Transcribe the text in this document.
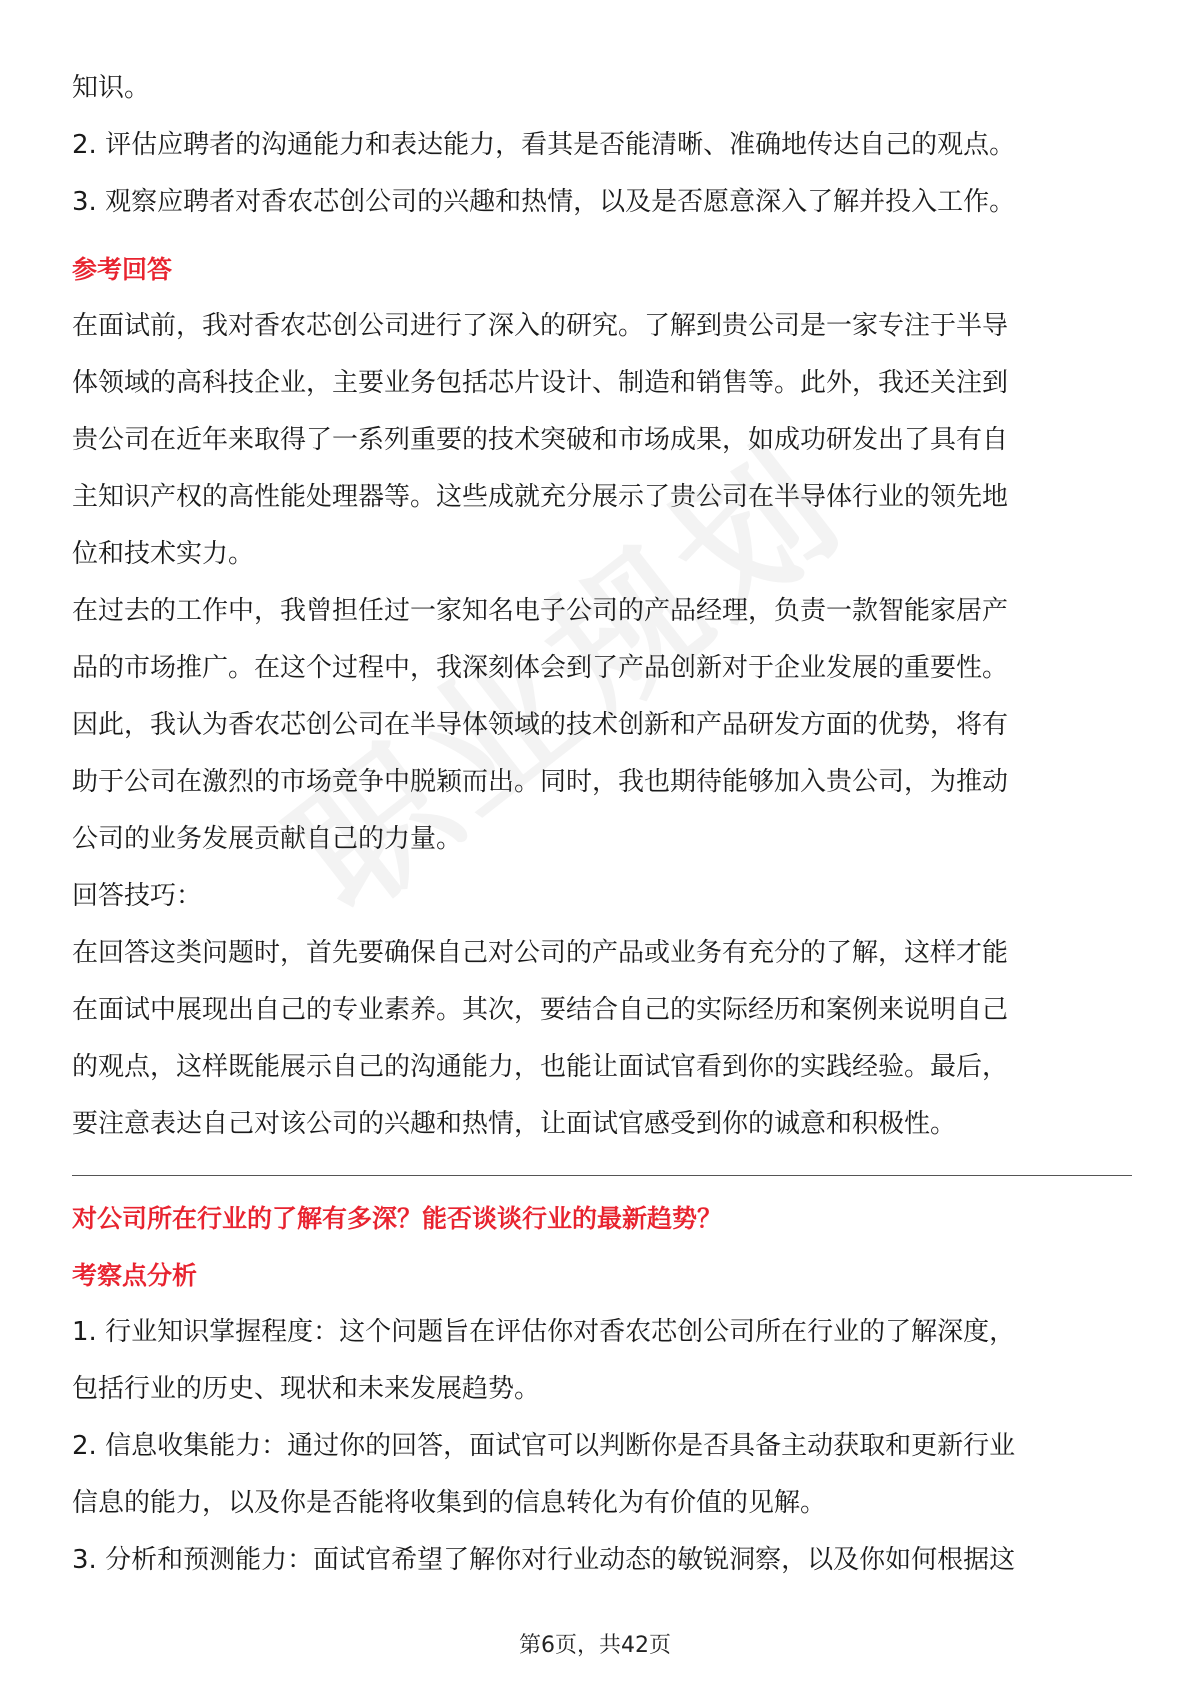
知识。
2. 评估应聘者的沟通能力和表达能力，看其是否能清晰、准确地传达自己的观点。
3. 观察应聘者对香农芯创公司的兴趣和热情，以及是否愿意深入了解并投入工作。
参考回答
在面试前，我对香农芯创公司进行了深入的研究。了解到贵公司是一家专注于半导
体领域的高科技企业，主要业务包括芯片设计、制造和销售等。此外，我还关注到
贵公司在近年来取得了一系列重要的技术突破和市场成果，如成功研发出了具有自
主知识产权的高性能处理器等。这些成就充分展示了贵公司在半导体行业的领先地
位和技术实力。
在过去的工作中，我曾担任过一家知名电子公司的产品经理，负责一款智能家居产
品的市场推广。在这个过程中，我深刻体会到了产品创新对于企业发展的重要性。
因此，我认为香农芯创公司在半导体领域的技术创新和产品研发方面的优势，将有
助于公司在激烈的市场竞争中脱颖而出。同时，我也期待能够加入贵公司，为推动
公司的业务发展贡献自己的力量。
回答技巧：
在回答这类问题时，首先要确保自己对公司的产品或业务有充分的了解，这样才能
在面试中展现出自己的专业素养。其次，要结合自己的实际经历和案例来说明自己
的观点，这样既能展示自己的沟通能力，也能让面试官看到你的实践经验。最后，
要注意表达自己对该公司的兴趣和热情，让面试官感受到你的诚意和积极性。
对公司所在行业的了解有多深？能否谈谈行业的最新趋势？
考察点分析
1. 行业知识掌握程度：这个问题旨在评估你对香农芯创公司所在行业的了解深度，
包括行业的历史、现状和未来发展趋势。
2. 信息收集能力：通过你的回答，面试官可以判断你是否具备主动获取和更新行业
信息的能力，以及你是否能将收集到的信息转化为有价值的见解。
3. 分析和预测能力：面试官希望了解你对行业动态的敏锐洞察，以及你如何根据这
第6页，共42页
